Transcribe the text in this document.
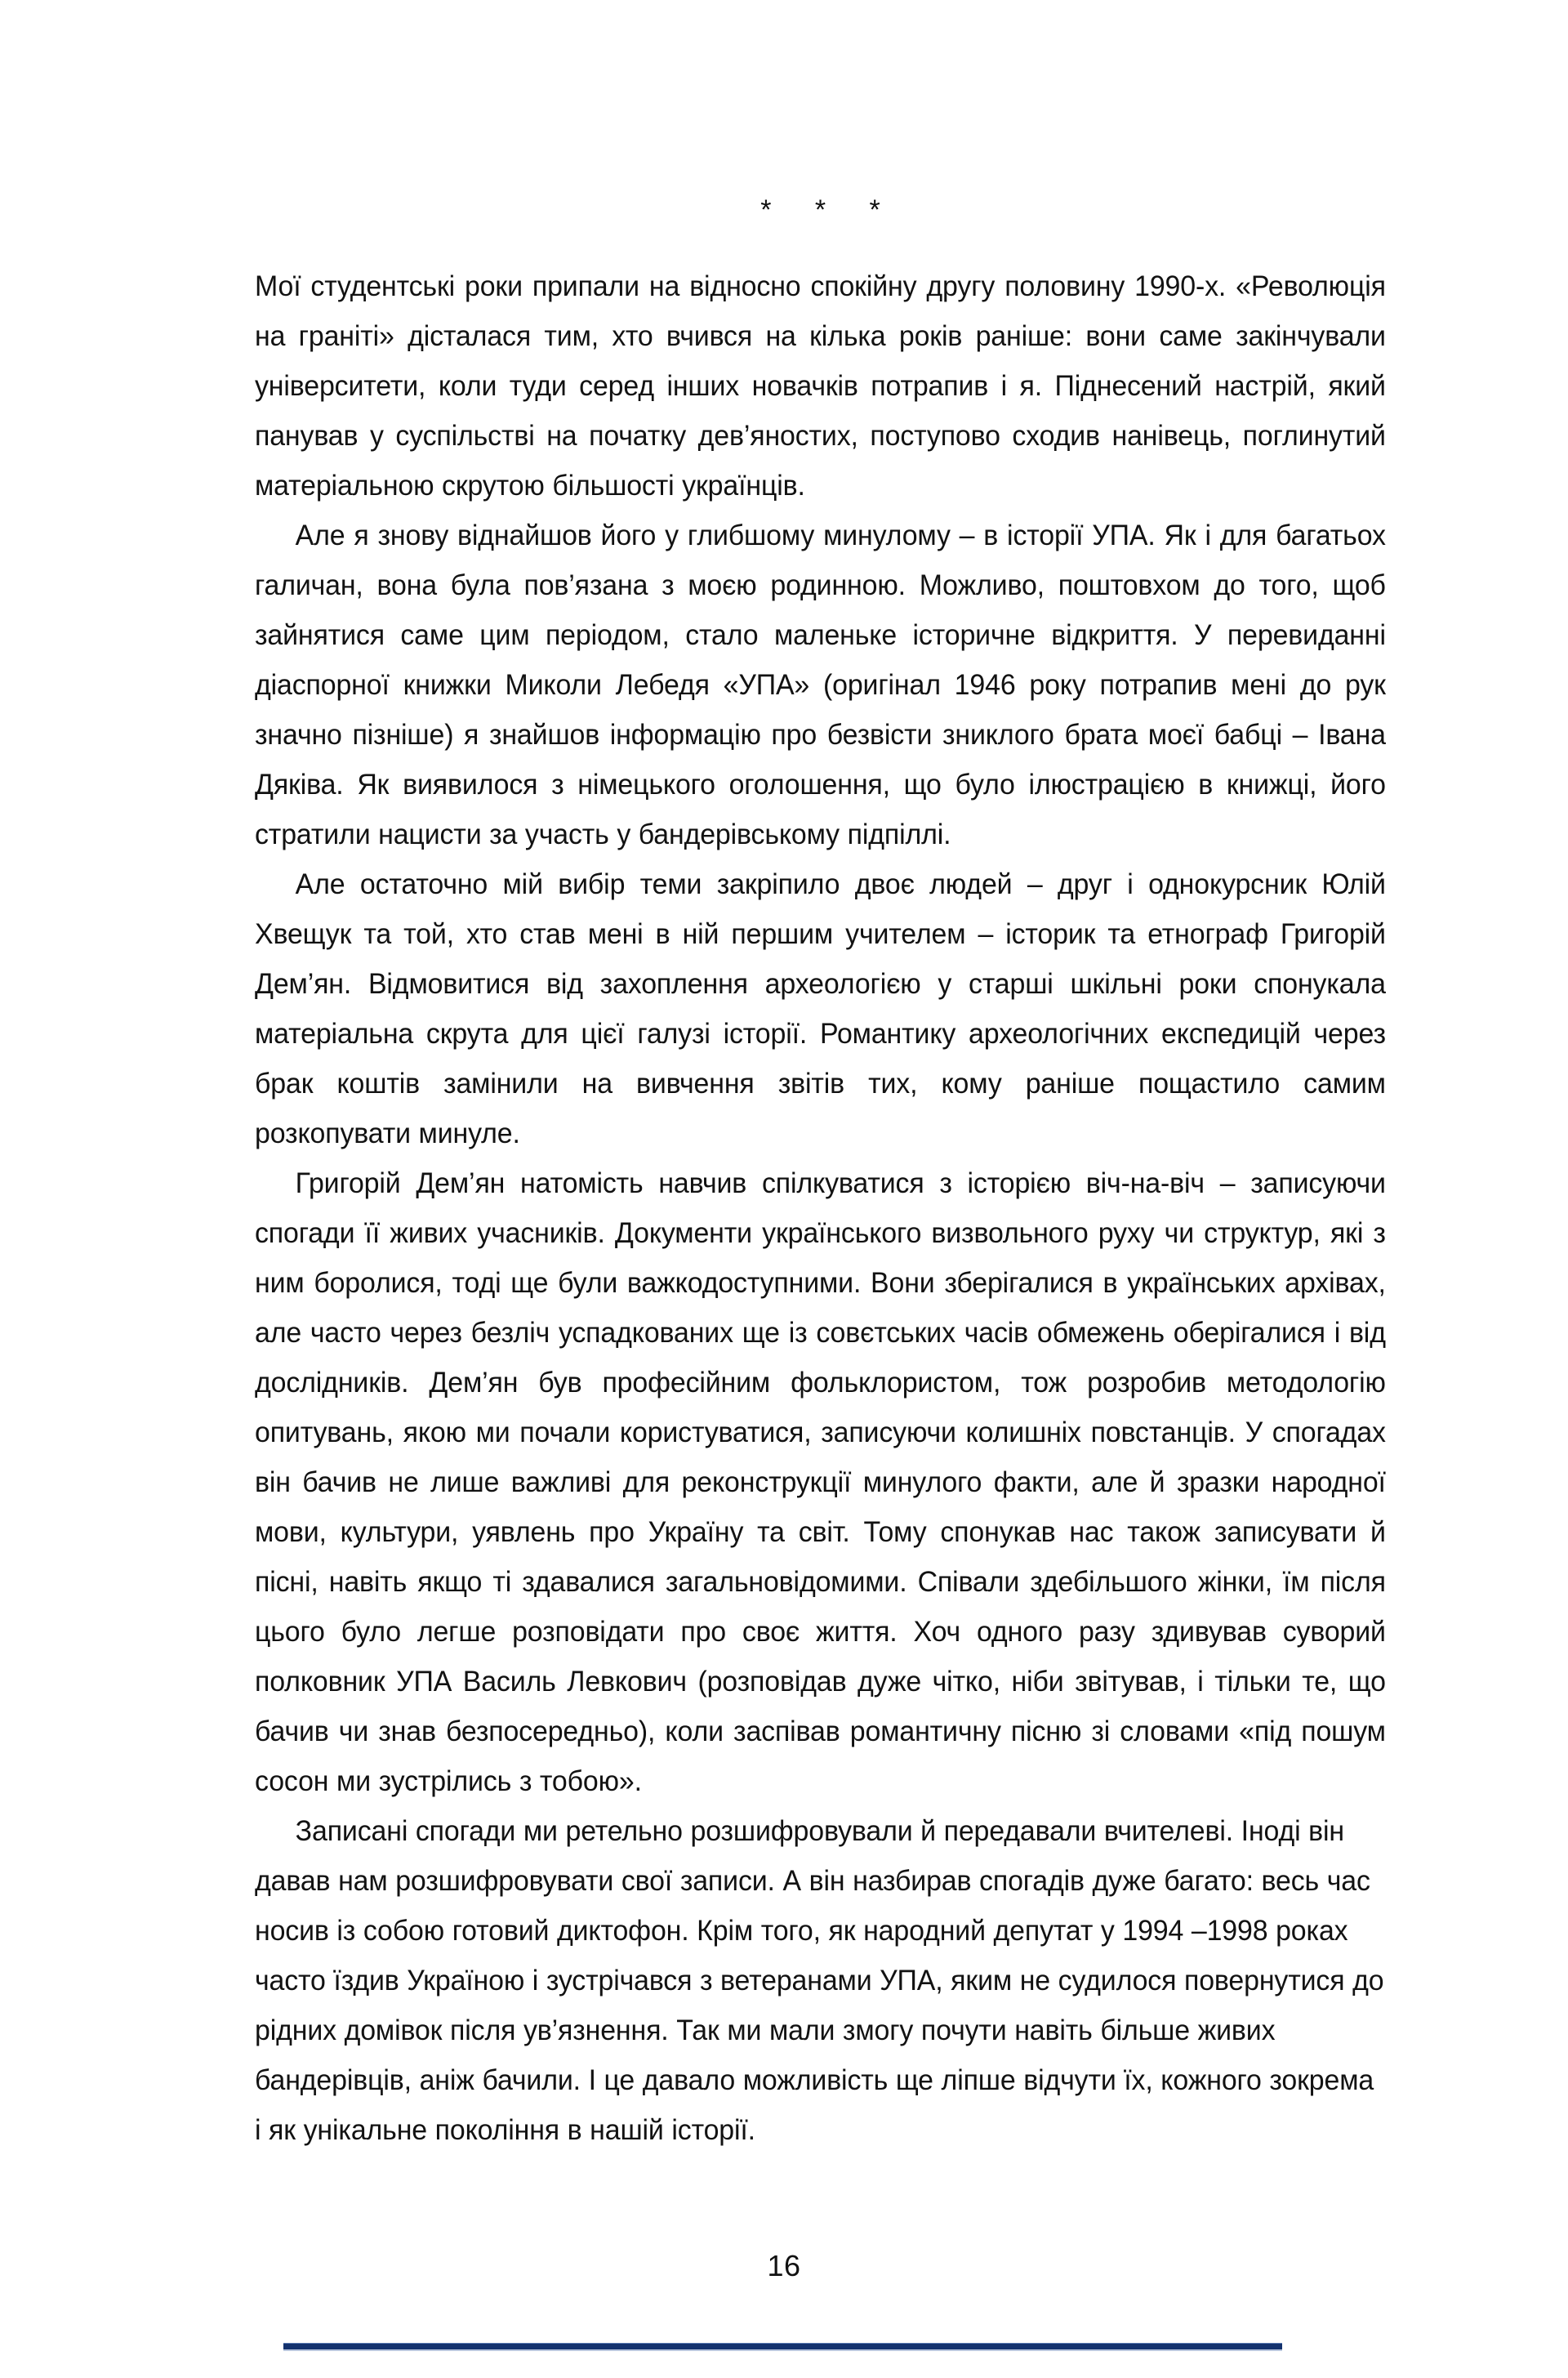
* * *

Мої студентські роки припали на відносно спокійну другу половину 1990-х. «Революція на граніті» дісталася тим, хто вчився на кілька років раніше: вони саме закінчували університети, коли туди серед інших новачків потрапив і я. Піднесений настрій, який панував у суспільстві на початку дев’яностих, поступово сходив нанівець, поглинутий матеріальною скрутою більшості українців.

Але я знову віднайшов його у глибшому минулому – в історії УПА. Як і для багатьох галичан, вона була пов’язана з моєю родинною. Можливо, поштовхом до того, щоб зайнятися саме цим періодом, стало маленьке історичне відкриття. У перевиданні діаспорної книжки Миколи Лебедя «УПА» (оригінал 1946 року потрапив мені до рук значно пізніше) я знайшов інформацію про безвісти зниклого брата моєї бабці – Івана Дяківа. Як виявилося з німецького оголошення, що було ілюстрацією в книжці, його стратили нацисти за участь у бандерівському підпіллі.

Але остаточно мій вибір теми закріпило двоє людей – друг і однокурсник Юлій Хвещук та той, хто став мені в ній першим учителем – історик та етнограф Григорій Дем’ян. Відмовитися від захоплення археологією у старші шкільні роки спонукала матеріальна скрута для цієї галузі історії. Романтику археологічних експедицій через брак коштів замінили на вивчення звітів тих, кому раніше пощастило самим розкопувати минуле.

Григорій Дем’ян натомість навчив спілкуватися з історією віч-на-віч – записуючи спогади її живих учасників. Документи українського визвольного руху чи структур, які з ним боролися, тоді ще були важкодоступними. Вони зберігалися в українських архівах, але часто через безліч успадкованих ще із совєтських часів обмежень оберігалися і від дослідників. Дем’ян був професійним фольклористом, тож розробив методологію опитувань, якою ми почали користуватися, записуючи колишніх повстанців. У спогадах він бачив не лише важливі для реконструкції минулого факти, але й зразки народної мови, культури, уявлень про Україну та світ. Тому спонукав нас також записувати й пісні, навіть якщо ті здавалися загальновідомими. Співали здебільшого жінки, їм після цього було легше розповідати про своє життя. Хоч одного разу здивував суворий полковник УПА Василь Левкович (розповідав дуже чітко, ніби звітував, і тільки те, що бачив чи знав безпосередньо), коли заспівав романтичну пісню зі словами «під пошум сосон ми зустрілись з тобою».

Записані спогади ми ретельно розшифровували й передавали вчителеві. Іноді він давав нам розшифровувати свої записи. А він назбирав спогадів дуже багато: весь час носив із собою готовий диктофон. Крім того, як народний депутат у 1994 –1998 роках часто їздив Україною і зустрічався з ветеранами УПА, яким не судилося повернутися до рідних домівок після ув’язнення. Так ми мали змогу почути навіть більше живих бандерівців, аніж бачили. І це давало можливість ще ліпше відчути їх, кожного зокрема і як унікальне покоління в нашій історії.

16
